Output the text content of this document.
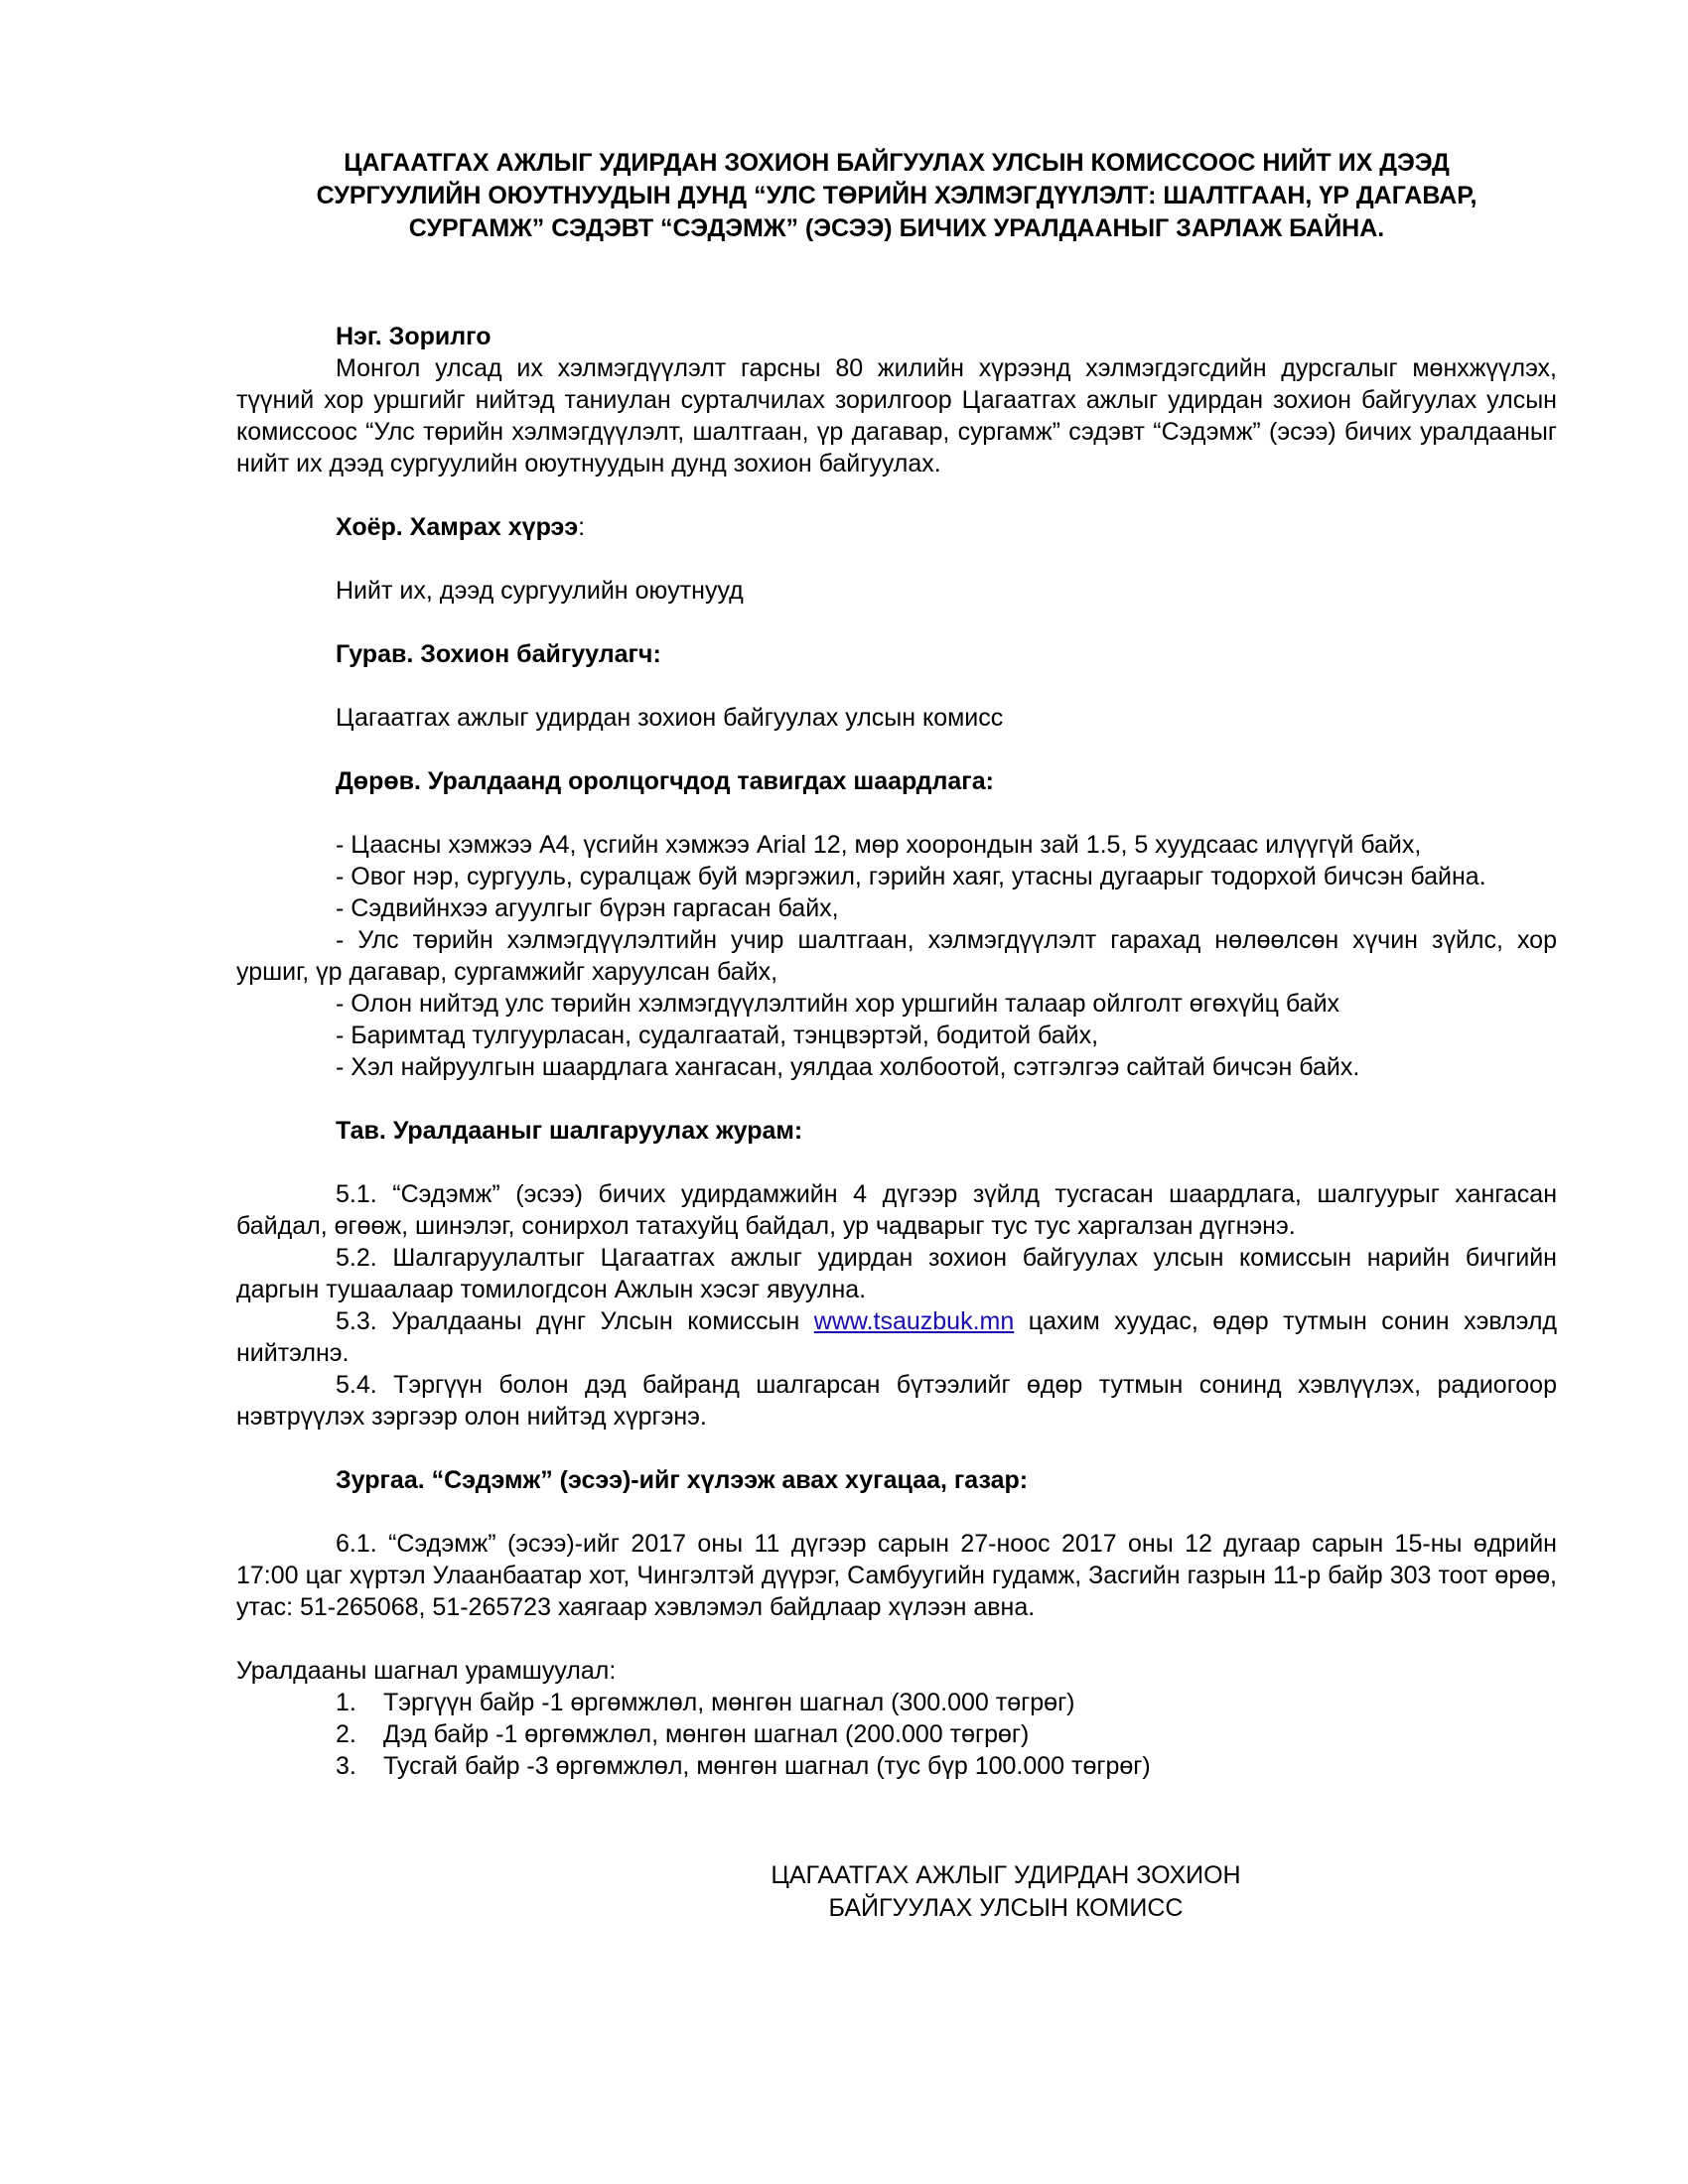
ЦАГААТГАХ АЖЛЫГ УДИРДАН ЗОХИОН БАЙГУУЛАХ УЛСЫН КОМИССООС НИЙТ ИХ ДЭЭД
СУРГУУЛИЙН ОЮУТНУУДЫН ДУНД “УЛС ТӨРИЙН ХЭЛМЭГДҮҮЛЭЛТ: ШАЛТГААН, ҮР ДАГАВАР,
СУРГАМЖ” СЭДЭВТ “СЭДЭМЖ” (ЭСЭЭ) БИЧИХ УРАЛДААНЫГ ЗАРЛАЖ БАЙНА.

Нэг. Зорилго

Монгол улсад их хэлмэгдүүлэлт гарсны 80 жилийн хүрээнд хэлмэгдэгсдийн дурсгалыг мөнхжүүлэх, түүний хор уршгийг нийтэд таниулан сурталчилах зорилгоор Цагаатгах ажлыг удирдан зохион байгуулах улсын комиссоос “Улс төрийн хэлмэгдүүлэлт, шалтгаан, үр дагавар, сургамж” сэдэвт “Сэдэмж” (эсээ) бичих уралдааныг нийт их дээд сургуулийн оюутнуудын дунд зохион байгуулах.

Хоёр. Хамрах хүрээ:

Нийт их, дээд сургуулийн оюутнууд

Гурав. Зохион байгуулагч:

Цагаатгах ажлыг удирдан зохион байгуулах улсын комисс

Дөрөв. Уралдаанд оролцогчдод тавигдах шаардлага:

- Цаасны хэмжээ А4, үсгийн хэмжээ Arial 12, мөр хоорондын зай 1.5, 5 хуудсаас илүүгүй байх,

- Овог нэр, сургууль, суралцаж буй мэргэжил, гэрийн хаяг, утасны дугаарыг тодорхой бичсэн байна.

- Сэдвийнхээ агуулгыг бүрэн гаргасан байх,

- Улс төрийн хэлмэгдүүлэлтийн учир шалтгаан, хэлмэгдүүлэлт гарахад нөлөөлсөн хүчин зүйлс, хор уршиг, үр дагавар, сургамжийг харуулсан байх,

- Олон нийтэд улс төрийн хэлмэгдүүлэлтийн хор уршгийн талаар ойлголт өгөхүйц байх

- Баримтад тулгуурласан, судалгаатай, тэнцвэртэй, бодитой байх,

- Хэл найруулгын шаардлага хангасан, уялдаа холбоотой, сэтгэлгээ сайтай бичсэн байх.

Тав. Уралдааныг шалгаруулах журам:

5.1. “Сэдэмж” (эсээ) бичих удирдамжийн 4 дүгээр зүйлд тусгасан шаардлага, шалгуурыг хангасан байдал, өгөөж, шинэлэг, сонирхол татахуйц байдал, ур чадварыг тус тус харгалзан дүгнэнэ.

5.2. Шалгаруулалтыг Цагаатгах ажлыг удирдан зохион байгуулах улсын комиссын нарийн бичгийн даргын тушаалаар томилогдсон Ажлын хэсэг явуулна.

5.3. Уралдааны дүнг Улсын комиссын www.tsauzbuk.mn цахим хуудас, өдөр тутмын сонин хэвлэлд нийтэлнэ.

5.4. Тэргүүн болон дэд байранд шалгарсан бүтээлийг өдөр тутмын сонинд хэвлүүлэх, радиогоор нэвтрүүлэх зэргээр олон нийтэд хүргэнэ.

Зургаа. “Сэдэмж” (эсээ)-ийг хүлээж авах хугацаа, газар:

6.1. “Сэдэмж” (эсээ)-ийг 2017 оны 11 дүгээр сарын 27-ноос 2017 оны 12 дугаар сарын 15-ны өдрийн 17:00 цаг хүртэл Улаанбаатар хот, Чингэлтэй дүүрэг, Самбуугийн гудамж, Засгийн газрын 11-р байр 303 тоот өрөө, утас: 51-265068, 51-265723 хаягаар хэвлэмэл байдлаар хүлээн авна.

Уралдааны шагнал урамшуулал:

1.	Тэргүүн байр -1 өргөмжлөл, мөнгөн шагнал (300.000 төгрөг)
2.	Дэд байр -1 өргөмжлөл, мөнгөн шагнал (200.000 төгрөг)
3.	Тусгай байр -3 өргөмжлөл, мөнгөн шагнал (тус бүр 100.000 төгрөг)
ЦАГААТГАХ АЖЛЫГ УДИРДАН ЗОХИОН
БАЙГУУЛАХ УЛСЫН КОМИСС
